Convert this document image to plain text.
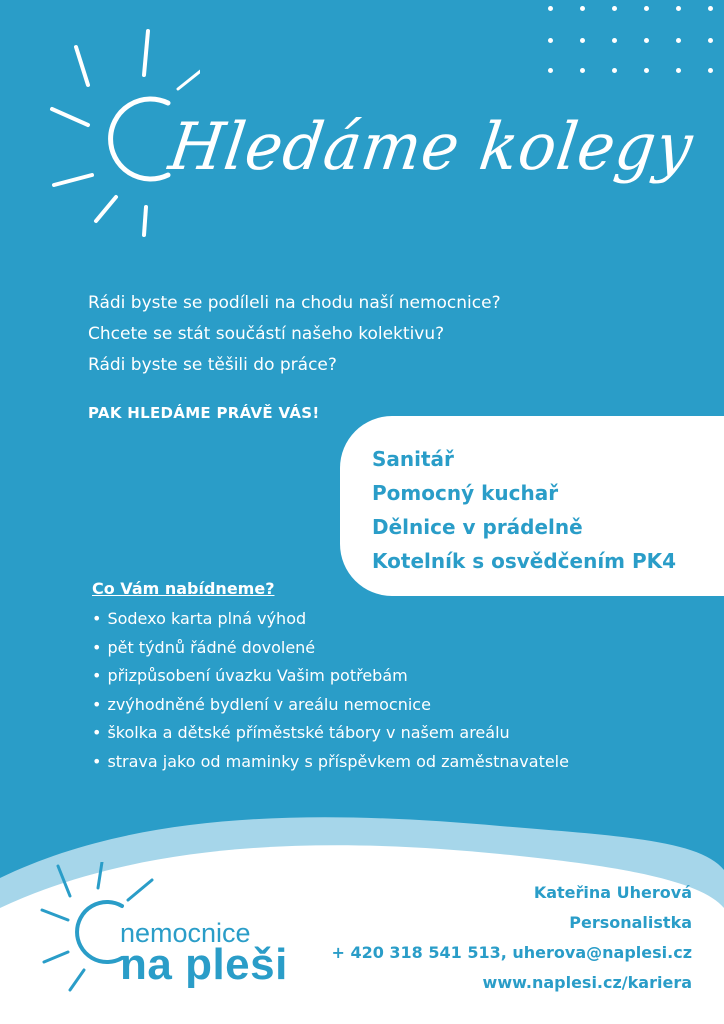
Hledáme kolegy

Rádi byste se podíleli na chodu naší nemocnice?

Chcete se stát součástí našeho kolektivu?

Rádi byste se těšili do práce?

PAK HLEDÁME PRÁVĚ VÁS!
Sanitář
Pomocný kuchař
Dělnice v prádelně
Kotelník s osvědčením PK4
Co Vám nabídneme?
• Sodexo karta plná výhod
• pět týdnů řádné dovolené
• přizpůsobení úvazku Vašim potřebám
• zvýhodněné bydlení v areálu nemocnice
• školka a dětské příměstské tábory v našem areálu
• strava jako od maminky s příspěvkem od zaměstnavatele
nemocnice
na pleši
Kateřina Uherová
Personalistka
+ 420 318 541 513, uherova@naplesi.cz
www.naplesi.cz/kariera
